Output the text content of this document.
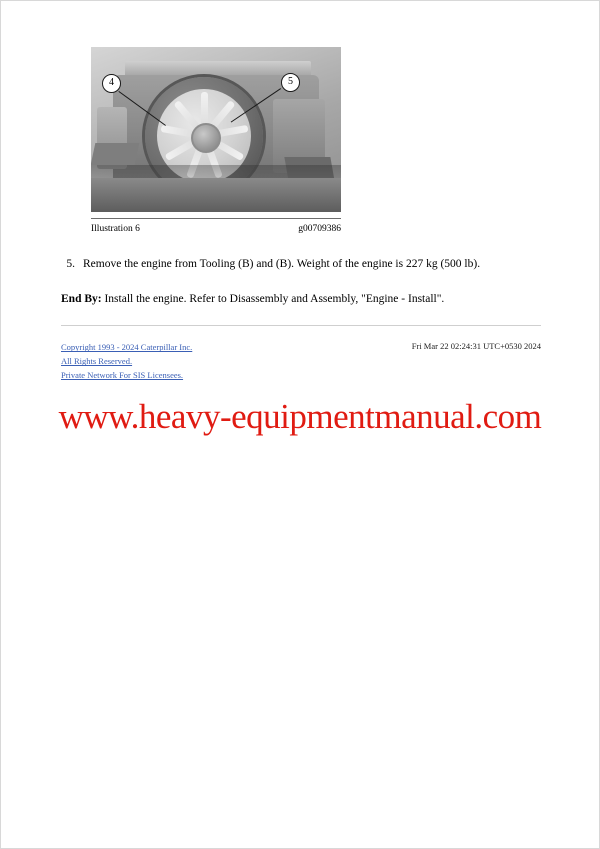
4	5
Illustration 6	g00709386
5. Remove the engine from Tooling (B) and (B). Weight of the engine is 227 kg (500 lb).
End By: Install the engine. Refer to Disassembly and Assembly, "Engine - Install".
Copyright 1993 - 2024 Caterpillar Inc.
All Rights Reserved.
Private Network For SIS Licensees.
Fri Mar 22 02:24:31 UTC+0530 2024
www.heavy-equipmentmanual.com
